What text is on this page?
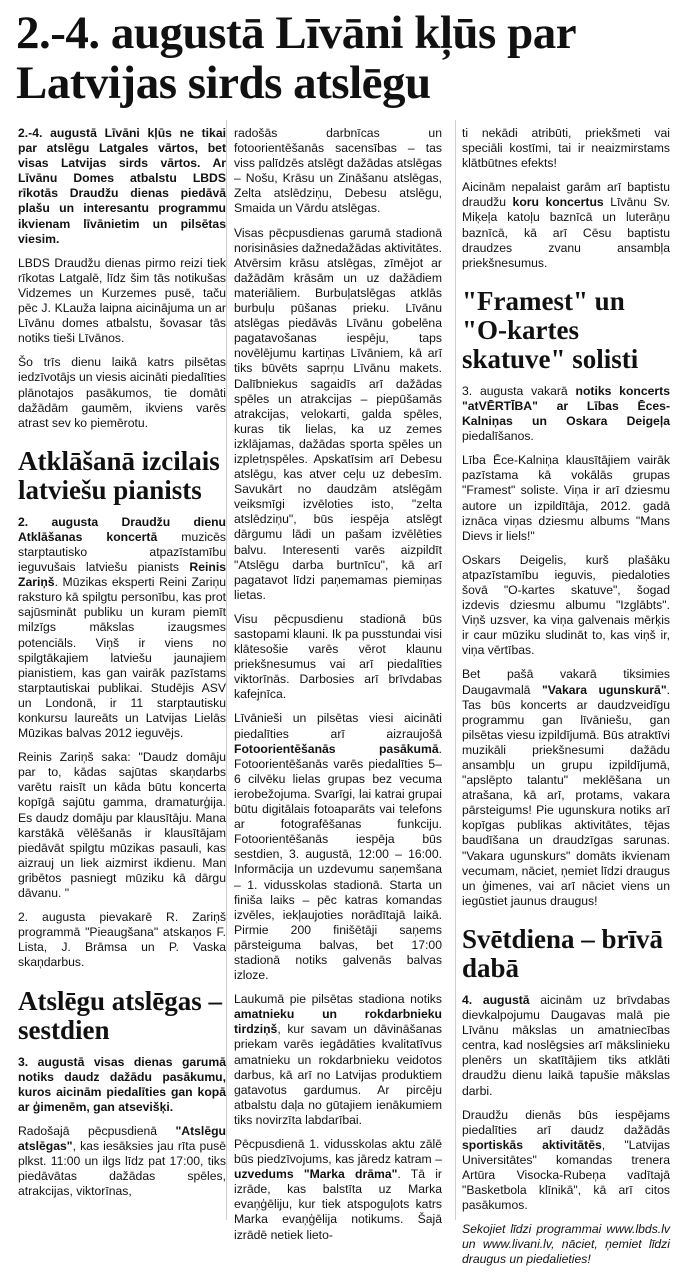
2.-4. augustā Līvāni kļūs par Latvijas sirds atslēgu

2.-4. augustā Līvāni kļūs ne tikai par atslēgu Latgales vārtos, bet visas Latvijas sirds vārtos. Ar Līvānu Domes atbalstu LBDS rīkotās Draudžu dienas piedāvā plašu un interesantu programmu ikvienam līvānietim un pilsētas viesim.

LBDS Draudžu dienas pirmo reizi tiek rīkotas Latgalē, līdz šim tās notikušas Vidzemes un Kurzemes pusē, taču pēc J. KLauža laipna aicinājuma un ar Līvānu domes atbalstu, šovasar tās notiks tieši Līvānos.

Šo trīs dienu laikā katrs pilsētas iedzīvotājs un viesis aicināti piedalīties plānotajos pasākumos, tie domāti dažādām gaumēm, ikviens varēs atrast sev ko piemērotu.

Atklāšanā izcilais latviešu pianists

2. augusta Draudžu dienu Atklāšanas koncertā muzicēs starptautisko atpazīstamību ieguvušais latviešu pianists Reinis Zariņš. Mūzikas eksperti Reini Zariņu raksturo kā spilgtu personību, kas prot sajūsmināt publiku un kuram piemīt milzīgs mākslas izaugsmes potenciāls. Viņš ir viens no spilgtākajiem latviešu jaunajiem pianistiem, kas gan vairāk pazīstams starptautiskai publikai. Studējis ASV un Londonā, ir 11 starptautisku konkursu laureāts un Latvijas Lielās Mūzikas balvas 2012 ieguvējs.

Reinis Zariņš saka: "Daudz domāju par to, kādas sajūtas skaņdarbs varētu raisīt un kāda būtu koncerta kopīgā sajūtu gamma, dramaturģija. Es daudz domāju par klausītāju. Mana karstākā vēlēšanās ir klausītājam piedāvāt spilgtu mūzikas pasauli, kas aizrauj un liek aizmirst ikdienu. Man gribētos pasniegt mūziku kā dārgu dāvanu. "

2. augusta pievakarē R. Zariņš programmā "Pieaugšana" atskaņos F. Lista, J. Brāmsa un P. Vaska skaņdarbus.

Atslēgu atslēgas – sestdien

3. augustā visas dienas garumā notiks daudz dažādu pasākumu, kuros aicinām piedalīties gan kopā ar ģimenēm, gan atsevišķi.

Radošajā pēcpusdienā "Atslēgu atslēgas", kas iesāksies jau rīta pusē plkst. 11:00 un ilgs līdz pat 17:00, tiks piedāvātas dažādas spēles, atrakcijas, viktorīnas,

radošās darbnīcas un fotoorientēšanās sacensības – tas viss palīdzēs atslēgt dažādas atslēgas – Nošu, Krāsu un Zināšanu atslēgas, Zelta atslēdziņu, Debesu atslēgu, Smaida un Vārdu atslēgas.

Visas pēcpusdienas garumā stadionā norisināsies dažnedažādas aktivitātes. Atvērsim krāsu atslēgas, zīmējot ar dažādām krāsām un uz dažādiem materiāliem. Burbuļatslēgas atklās burbuļu pūšanas prieku. Līvānu atslēgas piedāvās Līvānu gobelēna pagatavošanas iespēju, taps novēlējumu kartiņas Līvāniem, kā arī tiks būvēts saprņu Līvānu makets. Dalībniekus sagaidīs arī dažādas spēles un atrakcijas – piepūšamās atrakcijas, velokarti, galda spēles, kuras tik lielas, ka uz zemes izklājamas, dažādas sporta spēles un izpletņspēles. Apskatīsim arī Debesu atslēgu, kas atver ceļu uz debesīm. Savukārt no daudzām atslēgām veiksmīgi izvēloties isto, "zelta atslēdziņu", būs iespēja atslēgt dārgumu lādi un pašam izvēlēties balvu. Interesenti varēs aizpildīt "Atslēgu darba burtnīcu", kā arī pagatavot līdzi paņemamas piemiņas lietas.

Visu pēcpusdienu stadionā būs sastopami klauni. Ik pa pusstundai visi klātesošie varēs vērot klaunu priekšnesumus vai arī piedalīties viktorīnās. Darbosies arī brīvdabas kafejnīca.

Līvānieši un pilsētas viesi aicināti piedalīties arī aizraujošā Fotoorientēšanās pasākumā. Fotoorientēšanās varēs piedalīties 5–6 cilvēku lielas grupas bez vecuma ierobežojuma. Svarīgi, lai katrai grupai būtu digitālais fotoaparāts vai telefons ar fotografēšanas funkciju. Fotoorientēšanās iespēja būs sestdien, 3. augustā, 12:00 – 16:00. Informācija un uzdevumu saņemšana – 1. vidusskolas stadionā. Starta un finiša laiks – pēc katras komandas izvēles, iekļaujoties norādītajā laikā. Pirmie 200 finišētāji saņems pārsteiguma balvas, bet 17:00 stadionā notiks galvenās balvas izloze.

Laukumā pie pilsētas stadiona notiks amatnieku un rokdarbnieku tirdziņš, kur savam un dāvināšanas priekam varēs iegādāties kvalitatīvus amatnieku un rokdarbnieku veidotos darbus, kā arī no Latvijas produktiem gatavotus gardumus. Ar pircēju atbalstu daļa no gūtajiem ienākumiem tiks novirzīta labdarībai.

Pēcpusdienā 1. vidusskolas aktu zālē būs piedzīvojums, kas jāredz katram – uzvedums "Marka drāma". Tā ir izrāde, kas balstīta uz Marka evaņģēliju, kur tiek atspoguļots katrs Marka evaņģēlija notikums. Šajā izrādē netiek lieto-

ti nekādi atribūti, priekšmeti vai speciāli kostīmi, tai ir neaizmirstams klātbūtnes efekts!

Aicinām nepalaist garām arī baptistu draudžu koru koncertus Līvānu Sv. Miķeļa katoļu baznīcā un luterāņu baznīcā, kā arī Cēsu baptistu draudzes zvanu ansambļa priekšnesumus.

"Framest" un "O-kartes skatuve" solisti

3. augusta vakarā notiks koncerts "atVĒRTĪBA" ar Lības Ēces-Kalniņas un Oskara Deigeļa piedalīšanos.

Lība Ēce-Kalniņa klausītājiem vairāk pazīstama kā vokālās grupas "Framest" soliste. Viņa ir arī dziesmu autore un izpildītāja, 2012. gadā iznāca viņas dziesmu albums "Mans Dievs ir liels!"

Oskars Deigelis, kurš plašāku atpazīstamību ieguvis, piedaloties šovā "O-kartes skatuve", šogad izdevis dziesmu albumu "Izglābts". Viņš uzsver, ka viņa galvenais mērķis ir caur mūziku sludināt to, kas viņš ir, viņa vērtības.

Bet pašā vakarā tiksimies Daugavmalā "Vakara ugunskurā". Tas būs koncerts ar daudzveidīgu programmu gan līvāniešu, gan pilsētas viesu izpildījumā. Būs atraktīvi muzikāli priekšnesumi dažādu ansambļu un grupu izpildījumā, "apslēpto talantu" meklēšana un atrašana, kā arī, protams, vakara pārsteigums! Pie ugunskura notiks arī kopīgas publikas aktivitātes, tējas baudīšana un draudzīgas sarunas. "Vakara ugunskurs" domāts ikvienam vecumam, nāciet, ņemiet līdzi draugus un ģimenes, vai arī nāciet viens un iegūstiet jaunus draugus!

Svētdiena – brīvā dabā

4. augustā aicinām uz brīvdabas dievkalpojumu Daugavas malā pie Līvānu mākslas un amatniecības centra, kad noslēgsies arī mākslinieku plenērs un skatītājiem tiks atklāti draudžu dienu laikā tapušie mākslas darbi.

Draudžu dienās būs iespējams piedalīties arī daudz dažādās sportiskās aktivitātēs, "Latvijas Universitātes" komandas trenera Artūra Visocka-Rubeņa vadītajā "Basketbola klīnikā", kā arī citos pasākumos.

Sekojiet līdzi programmai www.lbds.lv un www.livani.lv, nāciet, ņemiet līdzi draugus un piedalieties!
